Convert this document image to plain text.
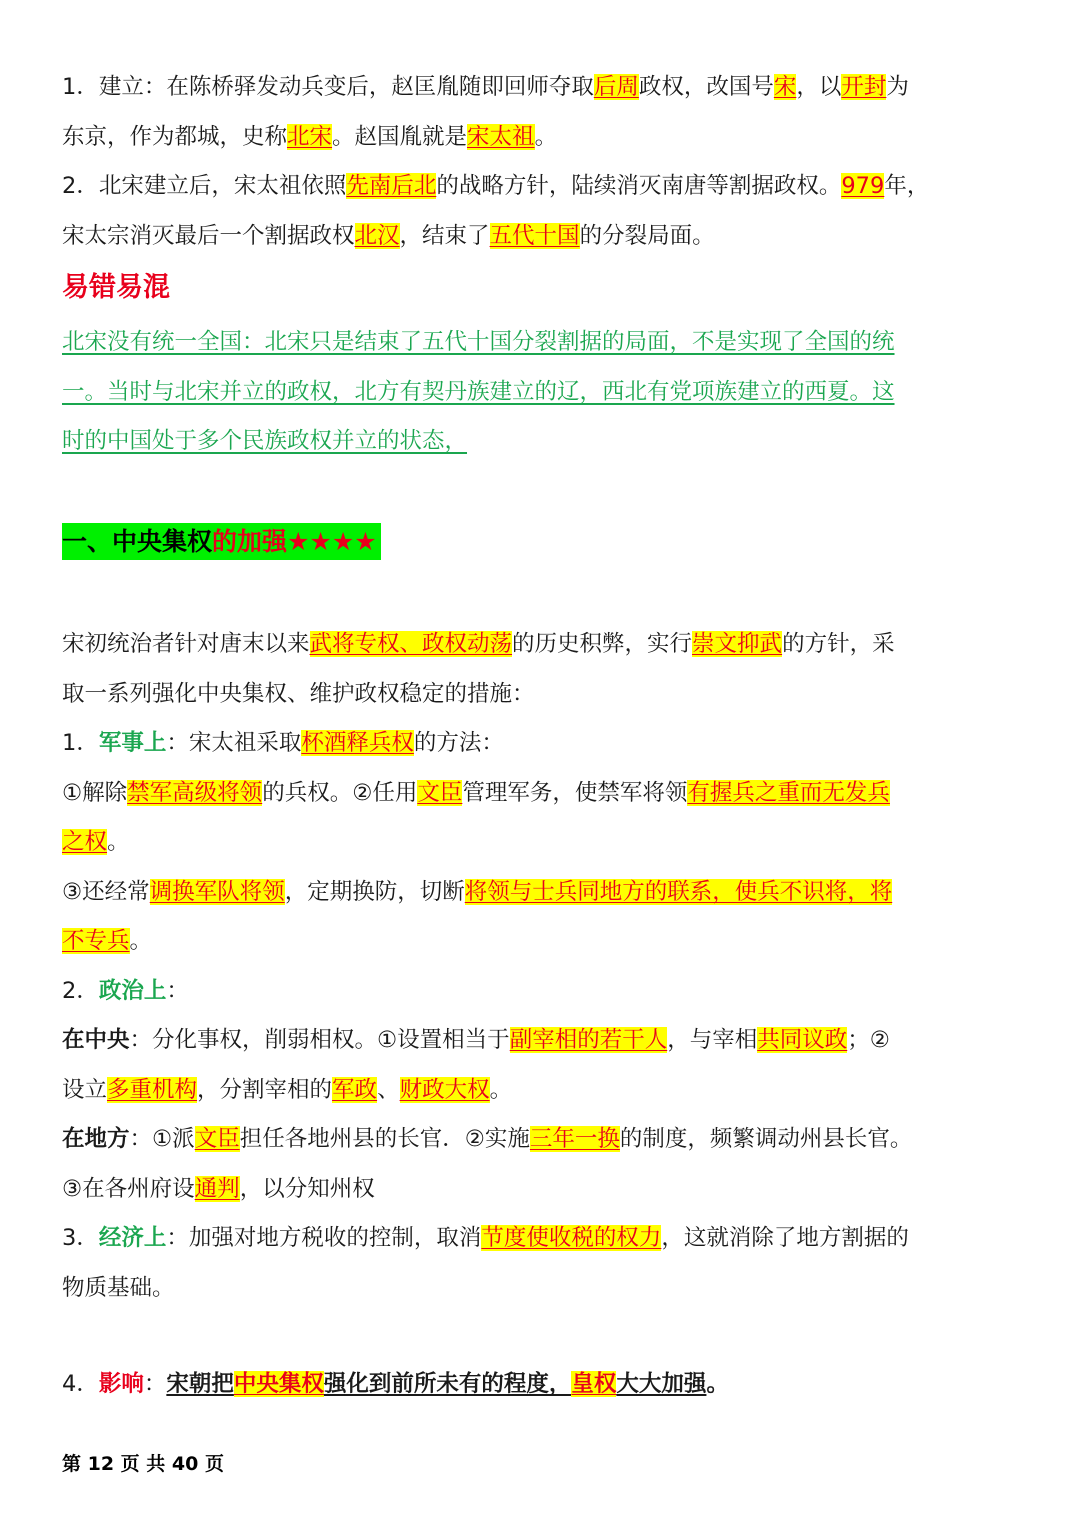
1．建立：在陈桥驿发动兵变后，赵匡胤随即回师夺取后周政权，改国号宋，以开封为
东京，作为都城，史称北宋。赵国胤就是宋太祖。
2．北宋建立后，宋太祖依照先南后北的战略方针，陆续消灭南唐等割据政权。979年，
宋太宗消灭最后一个割据政权北汉，结束了五代十国的分裂局面。
易错易混
北宋没有统一全国：北宋只是结束了五代十国分裂割据的局面，不是实现了全国的统
一。当时与北宋并立的政权，北方有契丹族建立的辽，西北有党项族建立的西夏。这
时的中国处于多个民族政权并立的状态，
一、中央集权的加强★★★★
宋初统治者针对唐末以来武将专权、政权动荡的历史积弊，实行崇文抑武的方针，采
取一系列强化中央集权、维护政权稳定的措施：
1．军事上：宋太祖采取杯酒释兵权的方法：
①解除禁军高级将领的兵权。②任用文臣管理军务，使禁军将领有握兵之重而无发兵
之权。
③还经常调换军队将领，定期换防，切断将领与士兵同地方的联系，使兵不识将，将
不专兵。
2．政治上：
在中央：分化事权，削弱相权。①设置相当于副宰相的若干人，与宰相共同议政；②
设立多重机构，分割宰相的军政、财政大权。
在地方：①派文臣担任各地州县的长官．②实施三年一换的制度，频繁调动州县长官。
③在各州府设通判，以分知州权
3．经济上：加强对地方税收的控制，取消节度使收税的权力，这就消除了地方割据的
物质基础。
4．影响：宋朝把中央集权强化到前所未有的程度，皇权大大加强。
第 12 页 共 40 页
